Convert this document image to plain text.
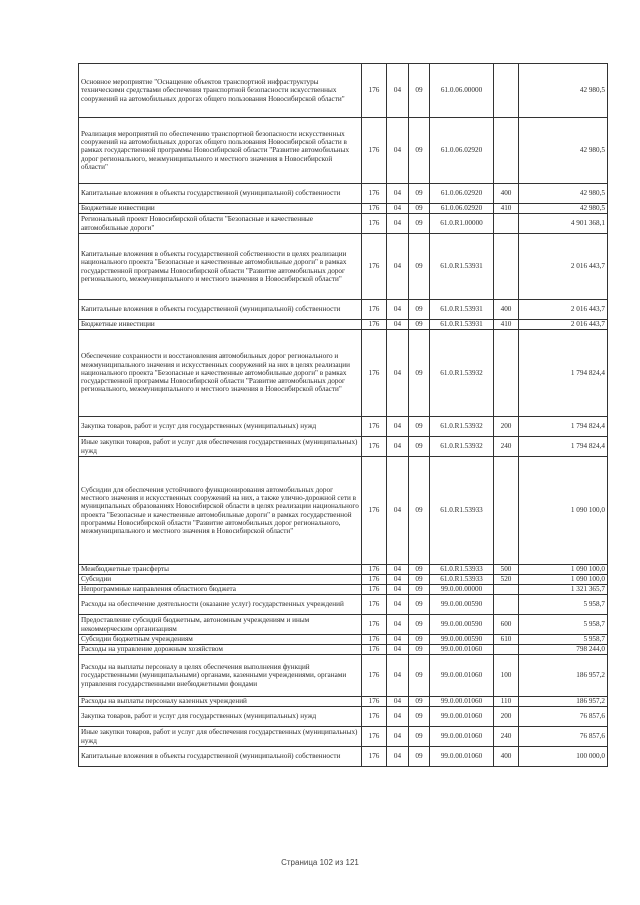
Основное мероприятие "Оснащение объектов транспортной инфраструктуры техническими средствами обеспечения транспортной безопасности искусственных сооружений на автомобильных дорогах общего пользования Новосибирской области"	176	04	09	61.0.06.00000		42 980,5
Реализация мероприятий по обеспечению транспортной безопасности искусственных сооружений на автомобильных дорогах общего пользования Новосибирской области в рамках государственной программы Новосибирской области "Развитие автомобильных дорог регионального, межмуниципального и местного значения в Новосибирской области"	176	04	09	61.0.06.02920		42 980,5
Капитальные вложения в объекты государственной (муниципальной) собственности	176	04	09	61.0.06.02920	400	42 980,5
Бюджетные инвестиции	176	04	09	61.0.06.02920	410	42 980,5
Региональный проект Новосибирской области "Безопасные и качественные автомобильные дороги"	176	04	09	61.0.R1.00000		4 901 368,1
Капитальные вложения в объекты государственной собственности в целях реализации национального проекта "Безопасные и качественные автомобильные дороги" в рамках государственной программы Новосибирской области "Развитие автомобильных дорог регионального, межмуниципального и местного значения в Новосибирской области"	176	04	09	61.0.R1.53931		2 016 443,7
Капитальные вложения в объекты государственной (муниципальной) собственности	176	04	09	61.0.R1.53931	400	2 016 443,7
Бюджетные инвестиции	176	04	09	61.0.R1.53931	410	2 016 443,7
Обеспечение сохранности и восстановления автомобильных дорог регионального и межмуниципального значения и искусственных сооружений на них в целях реализации национального проекта "Безопасные и качественные автомобильные дороги" в рамках государственной программы Новосибирской области "Развитие автомобильных дорог регионального, межмуниципального и местного значения в Новосибирской области"	176	04	09	61.0.R1.53932		1 794 824,4
Закупка товаров, работ и услуг для государственных (муниципальных) нужд	176	04	09	61.0.R1.53932	200	1 794 824,4
Иные закупки товаров, работ и услуг для обеспечения государственных (муниципальных) нужд	176	04	09	61.0.R1.53932	240	1 794 824,4
Субсидии для обеспечения устойчивого функционирования автомобильных дорог местного значения и искусственных сооружений на них, а также улично-дорожной сети в муниципальных образованиях Новосибирской области в целях реализации национального проекта "Безопасные и качественные автомобильные дороги" в рамках государственной программы Новосибирской области "Развитие автомобильных дорог регионального, межмуниципального и местного значения в Новосибирской области"	176	04	09	61.0.R1.53933		1 090 100,0
Межбюджетные трансферты	176	04	09	61.0.R1.53933	500	1 090 100,0
Субсидии	176	04	09	61.0.R1.53933	520	1 090 100,0
Непрограммные направления областного бюджета	176	04	09	99.0.00.00000		1 321 365,7
Расходы на обеспечение деятельности (оказание услуг) государственных учреждений	176	04	09	99.0.00.00590		5 958,7
Предоставление субсидий бюджетным, автономным учреждениям и иным некоммерческим организациям	176	04	09	99.0.00.00590	600	5 958,7
Субсидии бюджетным учреждениям	176	04	09	99.0.00.00590	610	5 958,7
Расходы на управление дорожным хозяйством	176	04	09	99.0.00.01060		798 244,0
Расходы на выплаты персоналу в целях обеспечения выполнения функций государственными (муниципальными) органами, казенными учреждениями, органами управления государственными внебюджетными фондами	176	04	09	99.0.00.01060	100	186 957,2
Расходы на выплаты персоналу казенных учреждений	176	04	09	99.0.00.01060	110	186 957,2
Закупка товаров, работ и услуг для государственных (муниципальных) нужд	176	04	09	99.0.00.01060	200	76 857,6
Иные закупки товаров, работ и услуг для обеспечения государственных (муниципальных) нужд	176	04	09	99.0.00.01060	240	76 857,6
Капитальные вложения в объекты государственной (муниципальной) собственности	176	04	09	99.0.00.01060	400	100 000,0
Страница 102 из 121
